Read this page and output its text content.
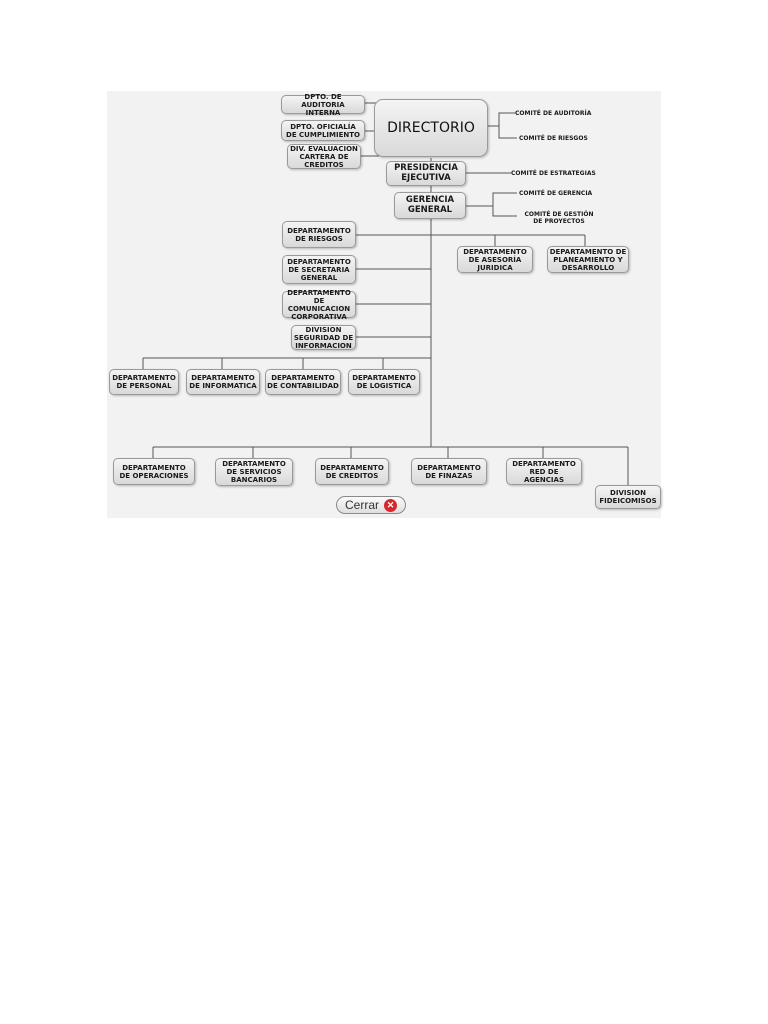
DPTO. DE AUDITORIA
INTERNA
DPTO. OFICIALÍA
DE CUMPLIMIENTO
DIV. EVALUACION
CARTERA DE
CREDITOS
DIRECTORIO
COMITÉ DE AUDITORÍA
COMITÉ DE RIESGOS
PRESIDENCIA
EJECUTIVA	COMITÉ DE ESTRATEGIAS
GERENCIA
GENERAL
COMITÉ DE GERENCIA
COMITÉ DE GESTIÓN
DE PROYECTOS
DEPARTAMENTO
DE RIESGOS
DEPARTAMENTO
DE SECRETARIA
GENERAL
DEPARTAMENTO
DE COMUNICACION
CORPORATIVA
DIVISION
SEGURIDAD DE
INFORMACION
DEPARTAMENTO
DE ASESORÍA
JURIDICA
DEPARTAMENTO DE
PLANEAMIENTO Y
DESARROLLO
DEPARTAMENTO
DE PERSONAL
DEPARTAMENTO
DE INFORMATICA
DEPARTAMENTO
DE CONTABILIDAD
DEPARTAMENTO
DE LOGISTICA
DEPARTAMENTO
DE OPERACIONES
DEPARTAMENTO
DE SERVICIOS
BANCARIOS
DEPARTAMENTO
DE CREDITOS
DEPARTAMENTO
DE FINAZAS
DEPARTAMENTO
RED DE
AGENCIAS
DIVISION
FIDEICOMISOS
Cerrar ✕
